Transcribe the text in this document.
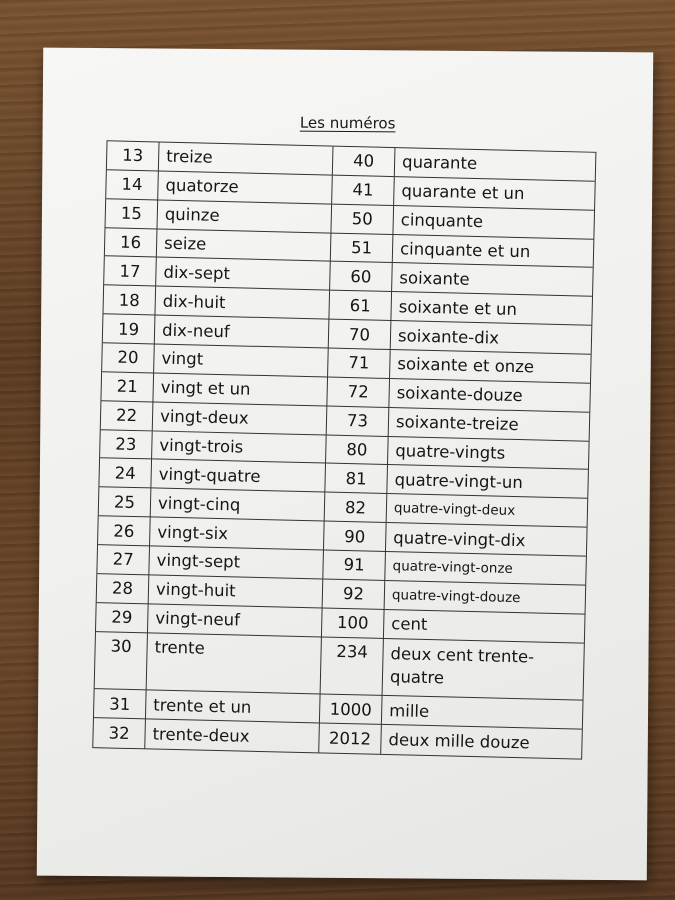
Les numéros
13	treize	40	quarante
14	quatorze	41	quarante et un
15	quinze	50	cinquante
16	seize	51	cinquante et un
17	dix-sept	60	soixante
18	dix-huit	61	soixante et un
19	dix-neuf	70	soixante-dix
20	vingt	71	soixante et onze
21	vingt et un	72	soixante-douze
22	vingt-deux	73	soixante-treize
23	vingt-trois	80	quatre-vingts
24	vingt-quatre	81	quatre-vingt-un
25	vingt-cinq	82	quatre-vingt-deux
26	vingt-six	90	quatre-vingt-dix
27	vingt-sept	91	quatre-vingt-onze
28	vingt-huit	92	quatre-vingt-douze
29	vingt-neuf	100	cent
30	trente	234	deux cent trente-quatre
31	trente et un	1000	mille
32	trente-deux	2012	deux mille douze
